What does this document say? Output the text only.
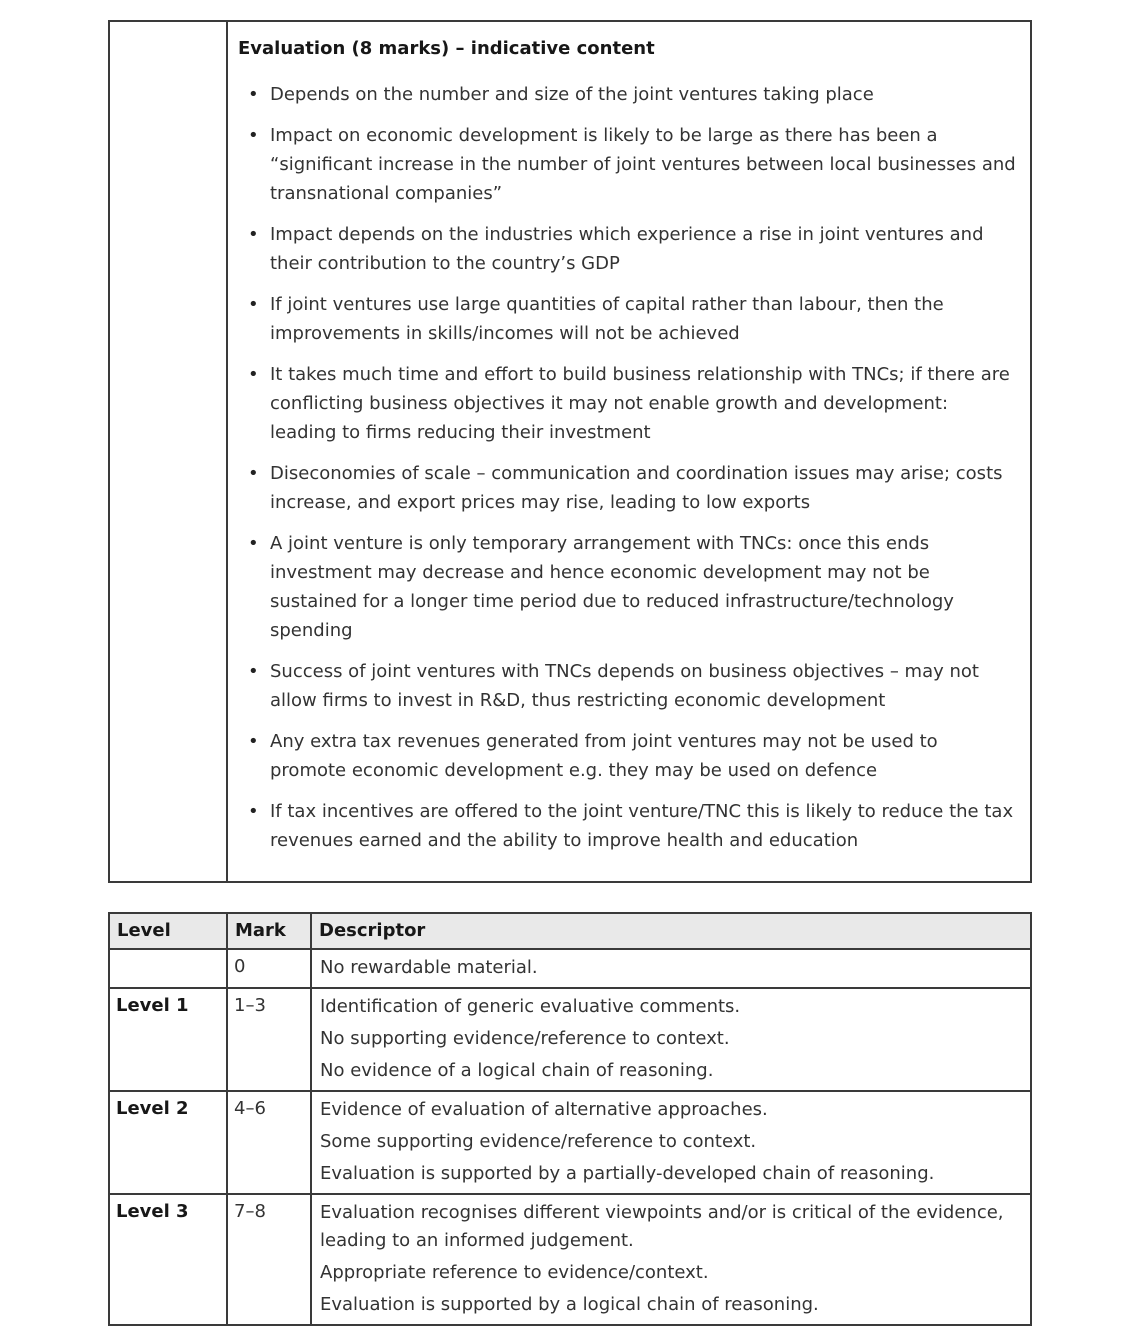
Evaluation (8 marks) – indicative content
• Depends on the number and size of the joint ventures taking place
• Impact on economic development is likely to be large as there has been a “significant increase in the number of joint ventures between local businesses and transnational companies”
• Impact depends on the industries which experience a rise in joint ventures and their contribution to the country’s GDP
• If joint ventures use large quantities of capital rather than labour, then the improvements in skills/incomes will not be achieved
• It takes much time and effort to build business relationship with TNCs; if there are conflicting business objectives it may not enable growth and development: leading to firms reducing their investment
• Diseconomies of scale – communication and coordination issues may arise; costs increase, and export prices may rise, leading to low exports
• A joint venture is only temporary arrangement with TNCs: once this ends investment may decrease and hence economic development may not be sustained for a longer time period due to reduced infrastructure/technology spending
• Success of joint ventures with TNCs depends on business objectives – may not allow firms to invest in R&D, thus restricting economic development
• Any extra tax revenues generated from joint ventures may not be used to promote economic development e.g. they may be used on defence
• If tax incentives are offered to the joint venture/TNC this is likely to reduce the tax revenues earned and the ability to improve health and education
Level	Mark	Descriptor
	0	No rewardable material.

Level 1	1–3	Identification of generic evaluative comments.
No supporting evidence/reference to context.
No evidence of a logical chain of reasoning.

Level 2	4–6	Evidence of evaluation of alternative approaches.
Some supporting evidence/reference to context.
Evaluation is supported by a partially-developed chain of reasoning.

Level 3	7–8	Evaluation recognises different viewpoints and/or is critical of the evidence, leading to an informed judgement.
Appropriate reference to evidence/context.
Evaluation is supported by a logical chain of reasoning.
